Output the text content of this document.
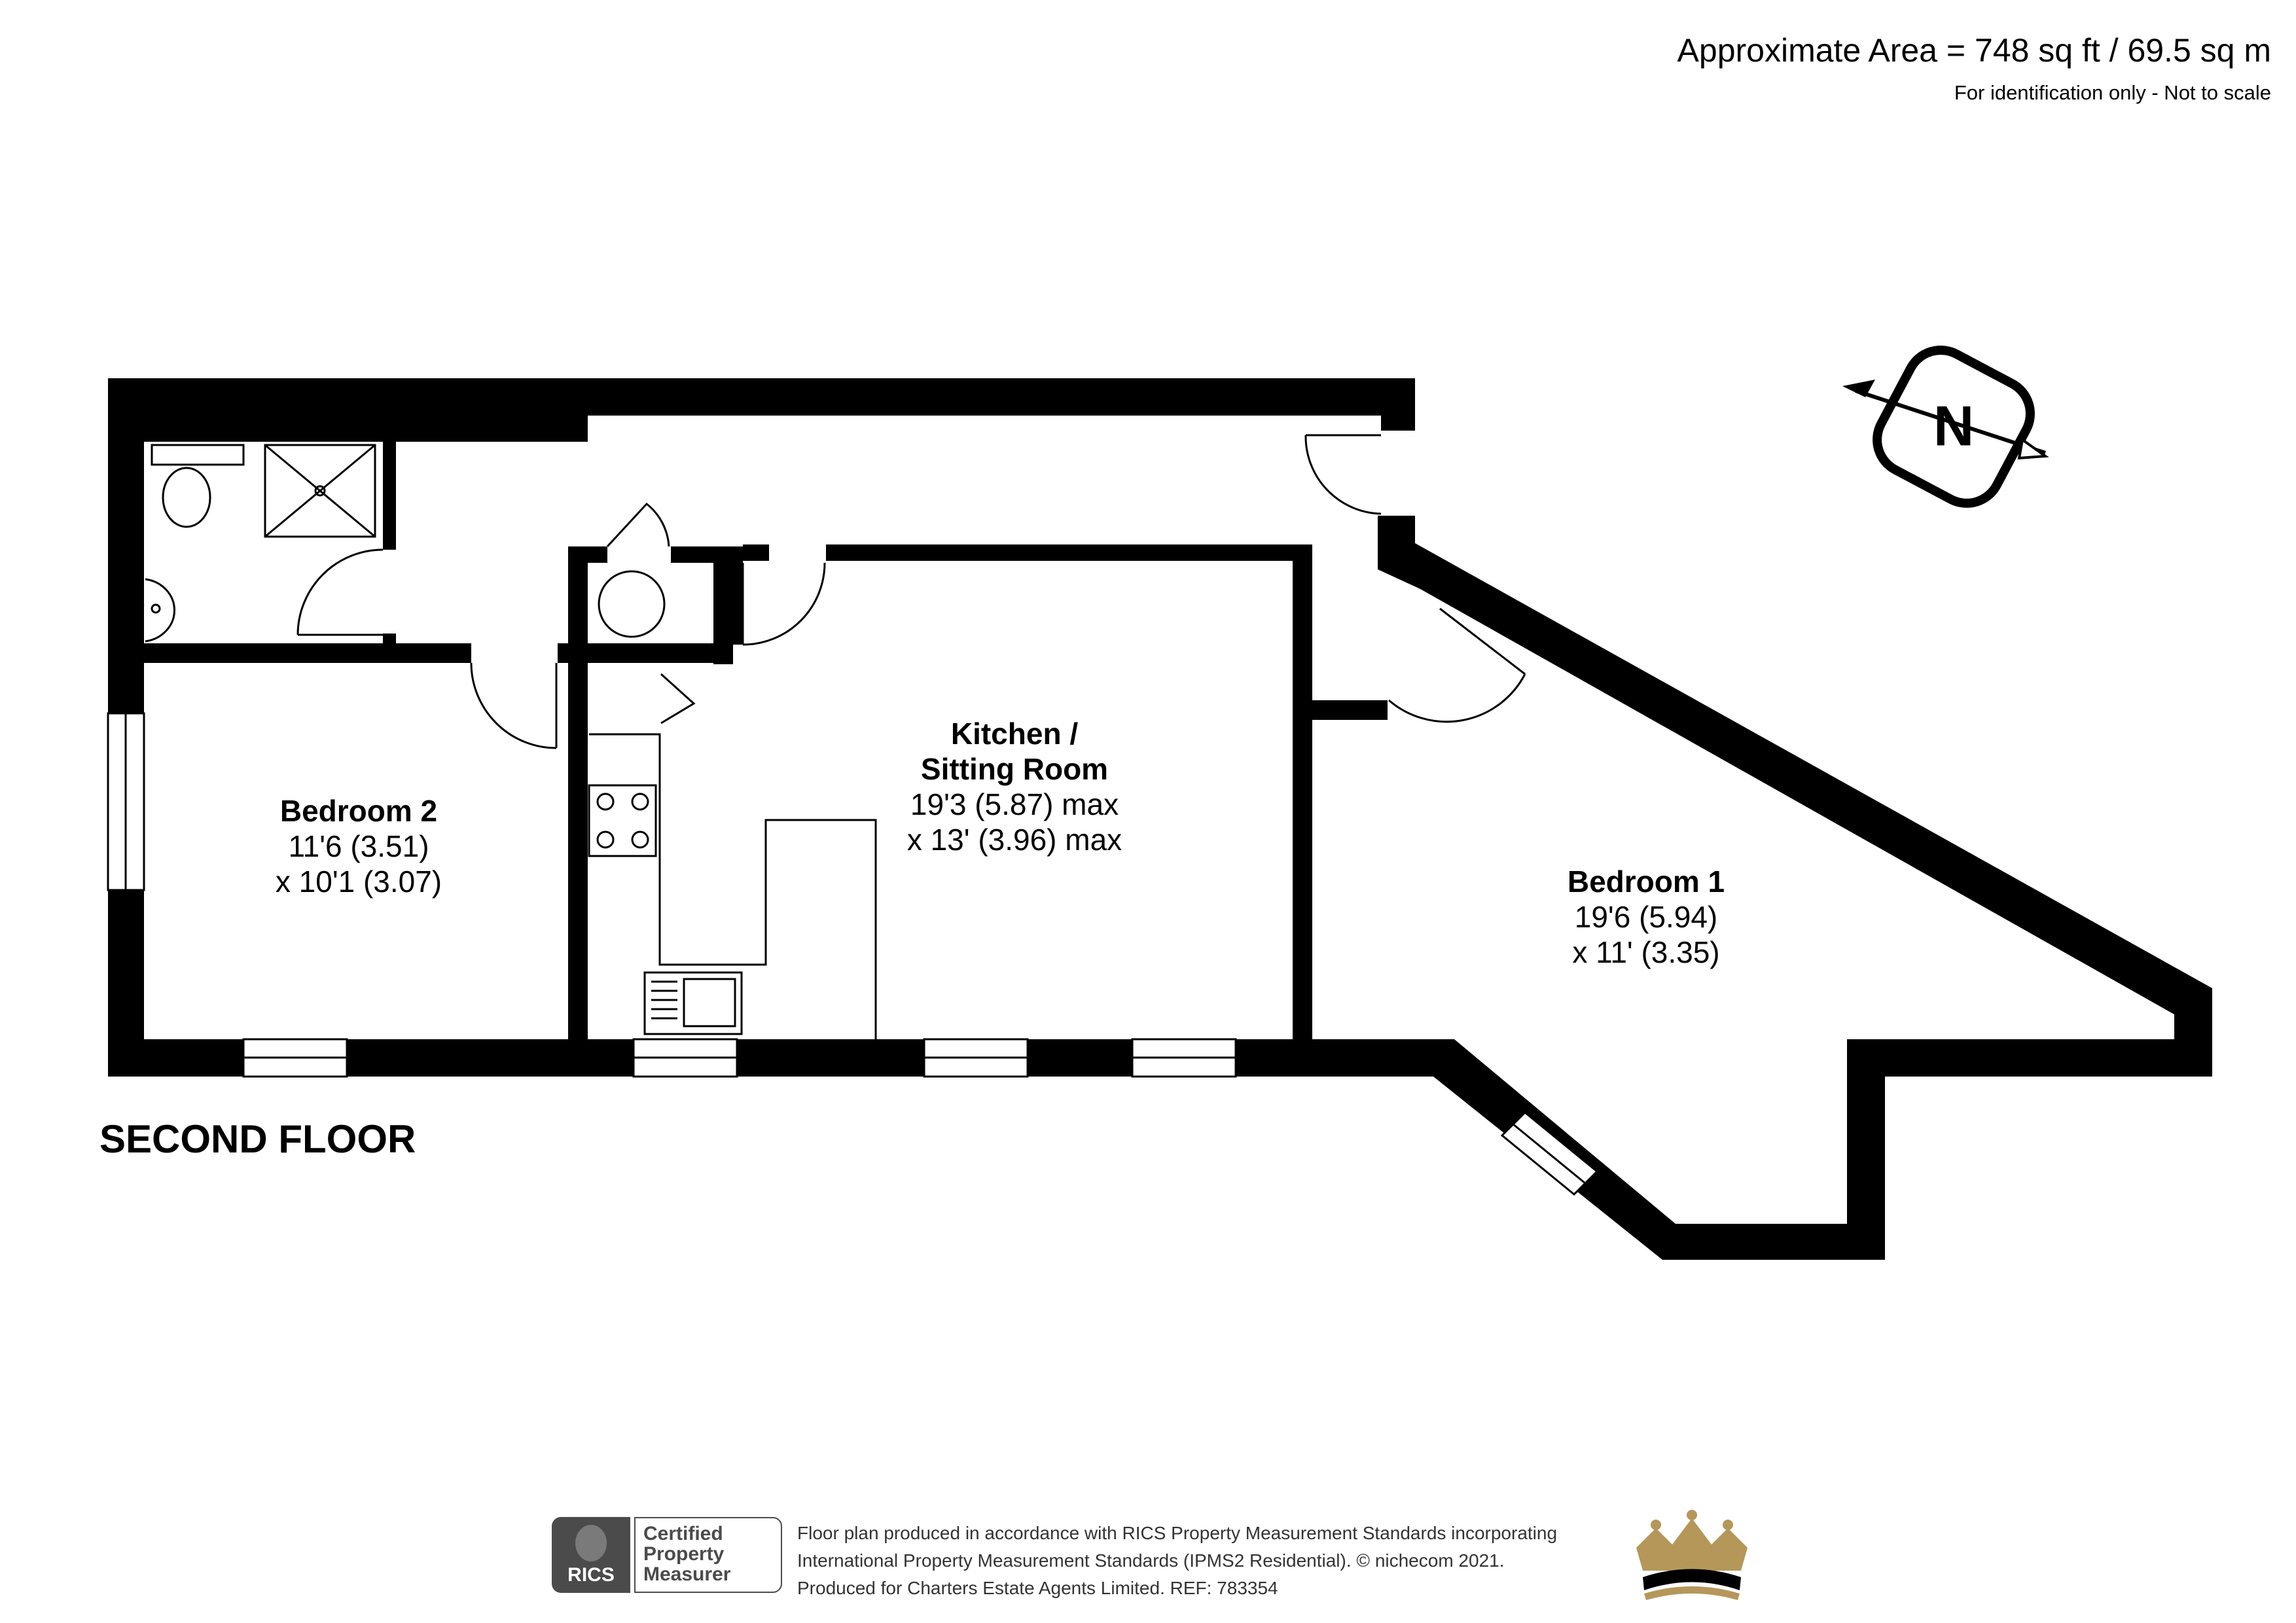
Approximate Area = 748 sq ft / 69.5 sq m
For identification only - Not to scale
N
Bedroom 2
11'6 (3.51)
x 10'1 (3.07)
Kitchen /
Sitting Room
19'3 (5.87) max
x 13' (3.96) max
Bedroom 1
19'6 (5.94)
x 11' (3.35)
SECOND FLOOR
RICS
Certified
Property
Measurer
Floor plan produced in accordance with RICS Property Measurement Standards incorporating
International Property Measurement Standards (IPMS2 Residential). © nichecom 2021.
Produced for Charters Estate Agents Limited. REF: 783354
